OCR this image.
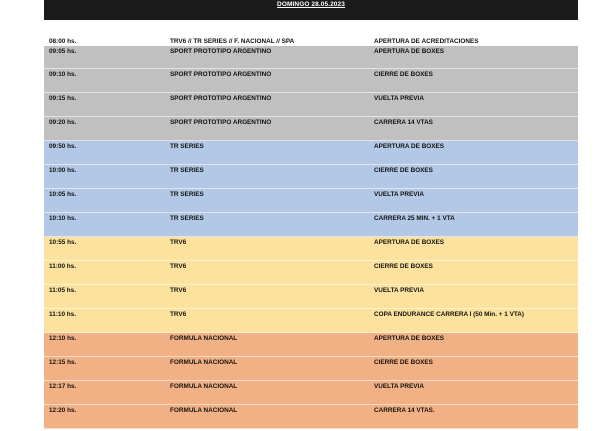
DOMINGO 28.05.2023
08:00 hs.	TRV6 // TR SERIES // F. NACIONAL // SPA	APERTURA DE ACREDITACIONES
09:05 hs.	SPORT PROTOTIPO ARGENTINO	APERTURA DE BOXES
09:10 hs.	SPORT PROTOTIPO ARGENTINO	CIERRE DE BOXES
09:15 hs.	SPORT PROTOTIPO ARGENTINO	VUELTA PREVIA
09:20 hs.	SPORT PROTOTIPO ARGENTINO	CARRERA 14 VTAS
09:50 hs.	TR SERIES	APERTURA DE BOXES
10:00 hs.	TR SERIES	CIERRE DE BOXES
10:05 hs.	TR SERIES	VUELTA PREVIA
10:10 hs.	TR SERIES	CARRERA 25 MIN. + 1 VTA
10:55 hs.	TRV6	APERTURA DE BOXES
11:00 hs.	TRV6	CIERRE DE BOXES
11:05 hs.	TRV6	VUELTA PREVIA
11:10 hs.	TRV6	COPA ENDURANCE CARRERA I (50 Min. + 1 VTA)
12:10 hs.	FORMULA NACIONAL	APERTURA DE BOXES
12:15 hs.	FORMULA NACIONAL	CIERRE DE BOXES
12:17 hs.	FORMULA NACIONAL	VUELTA PREVIA
12:20 hs.	FORMULA NACIONAL	CARRERA 14 VTAS.
